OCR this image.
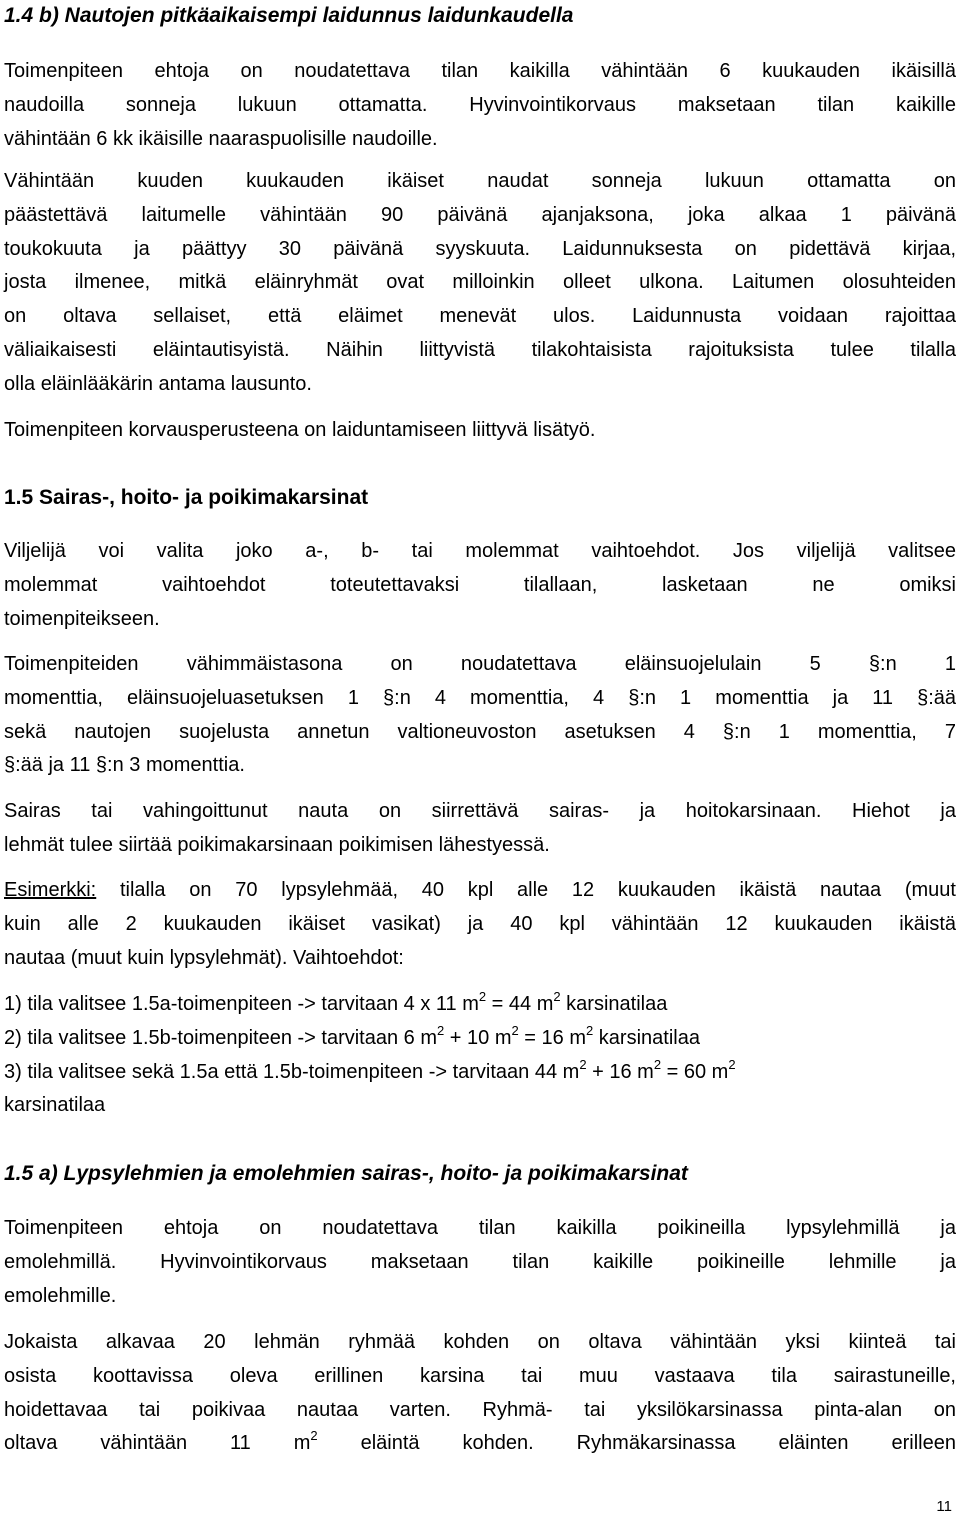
1.4 b) Nautojen pitkäaikaisempi laidunnus laidunkaudella
Toimenpiteen ehtoja on noudatettava tilan kaikilla vähintään 6 kuukauden ikäisillä
naudoilla sonneja lukuun ottamatta. Hyvinvointikorvaus maksetaan tilan kaikille
vähintään 6 kk ikäisille naaraspuolisille naudoille.
Vähintään kuuden kuukauden ikäiset naudat sonneja lukuun ottamatta on
päästettävä laitumelle vähintään 90 päivänä ajanjaksona, joka alkaa 1 päivänä
toukokuuta ja päättyy 30 päivänä syyskuuta. Laidunnuksesta on pidettävä kirjaa,
josta ilmenee, mitkä eläinryhmät ovat milloinkin olleet ulkona. Laitumen olosuhteiden
on oltava sellaiset, että eläimet menevät ulos. Laidunnusta voidaan rajoittaa
väliaikaisesti eläintautisyistä. Näihin liittyvistä tilakohtaisista rajoituksista tulee tilalla
olla eläinlääkärin antama lausunto.
Toimenpiteen korvausperusteena on laiduntamiseen liittyvä lisätyö.
1.5 Sairas-, hoito- ja poikimakarsinat
Viljelijä voi valita joko a-, b- tai molemmat vaihtoehdot. Jos viljelijä valitsee
molemmat vaihtoehdot toteutettavaksi tilallaan, lasketaan ne omiksi
toimenpiteikseen.
Toimenpiteiden vähimmäistasona on noudatettava eläinsuojelulain 5 §:n 1
momenttia, eläinsuojeluasetuksen 1 §:n 4 momenttia, 4 §:n 1 momenttia ja 11 §:ää
sekä nautojen suojelusta annetun valtioneuvoston asetuksen 4 §:n 1 momenttia, 7
§:ää ja 11 §:n 3 momenttia.
Sairas tai vahingoittunut nauta on siirrettävä sairas- ja hoitokarsinaan. Hiehot ja
lehmät tulee siirtää poikimakarsinaan poikimisen lähestyessä.
Esimerkki: tilalla on 70 lypsylehmää, 40 kpl alle 12 kuukauden ikäistä nautaa (muut
kuin alle 2 kuukauden ikäiset vasikat) ja 40 kpl vähintään 12 kuukauden ikäistä
nautaa (muut kuin lypsylehmät). Vaihtoehdot:
1) tila valitsee 1.5a-toimenpiteen -> tarvitaan 4 x 11 $m^2 = 44$ $m^2$ karsinatilaa
2) tila valitsee 1.5b-toimenpiteen -> tarvitaan 6 $m^2 + 10$ $m^2 = 16$ $m^2$ karsinatilaa
3) tila valitsee sekä 1.5a että 1.5b-toimenpiteen -> tarvitaan 44 $m^2 + 16$ $m^2 = 60$ $m^2$
karsinatilaa
1.5 a) Lypsylehmien ja emolehmien sairas-, hoito- ja poikimakarsinat
Toimenpiteen ehtoja on noudatettava tilan kaikilla poikineilla lypsylehmillä ja
emolehmillä. Hyvinvointikorvaus maksetaan tilan kaikille poikineille lehmille ja
emolehmille.
Jokaista alkavaa 20 lehmän ryhmää kohden on oltava vähintään yksi kiinteä tai
osista koottavissa oleva erillinen karsina tai muu vastaava tila sairastuneille,
hoidettavaa tai poikivaa nautaa varten. Ryhmä- tai yksilökarsinassa pinta-alan on
oltava vähintään 11 $m^2$ eläintä kohden. Ryhmäkarsinassa eläinten erilleen
11
